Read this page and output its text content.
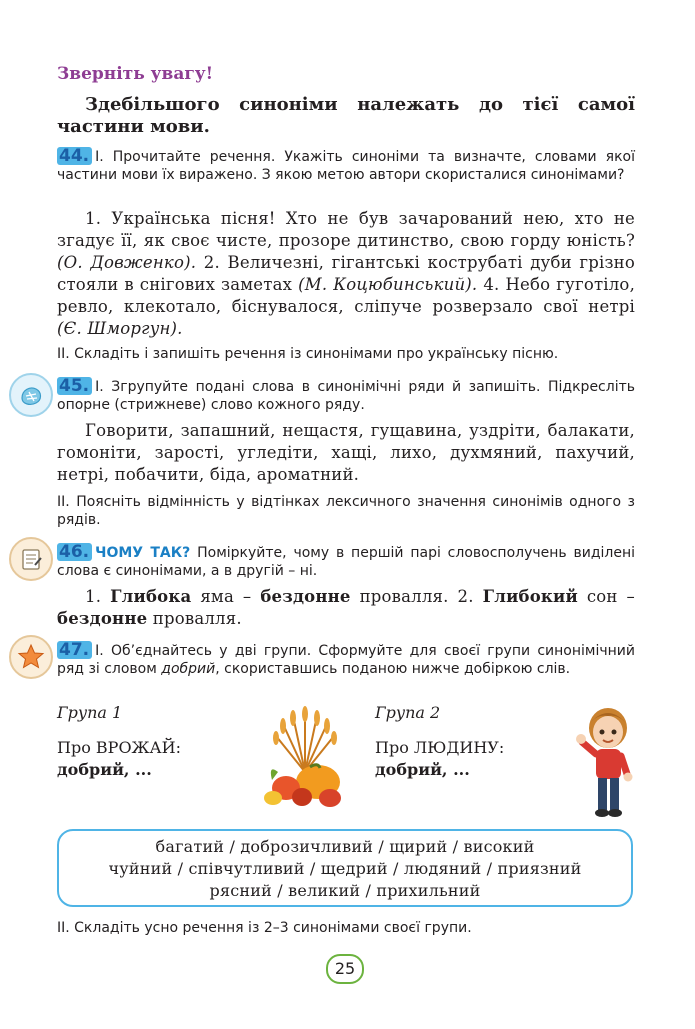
Зверніть увагу!
Здебільшого синоніми належать до тієї самої частини мови.
44. I. Прочитайте речення. Укажіть синоніми та визначте, словами якої частини мови їх виражено. З якою метою автори скористалися синонімами?
1. Українська пісня! Хто не був зачарований нею, хто не згадує її, як своє чисте, прозоре дитинство, свою горду юність? (О. Довженко). 2. Величезні, гігантські кострубаті дуби грізно стояли в снігових заметах (М. Коцюбинський). 4. Небо гуготіло, ревло, клекотало, біснувалося, сліпуче розверзало свої нетрі (Є. Шморгун).
II. Складіть і запишіть речення із синонімами про українську пісню.
45. I. Згрупуйте подані слова в синонімічні ряди й запишіть. Підкресліть опорне (стрижневе) слово кожного ряду.
Говорити, запашний, нещастя, гущавина, уздріти, балакати, гомоніти, зарості, угледіти, хащі, лихо, духмяний, пахучий, нетрі, побачити, біда, ароматний.
II. Поясніть відмінність у відтінках лексичного значення синонімів одного з рядів.
46. ЧОМУ ТАК? Поміркуйте, чому в першій парі словосполучень виділені слова є синонімами, а в другій – ні.
1. Глибока яма – бездонне провалля. 2. Глибокий сон – бездонне провалля.
47. I. Об’єднайтесь у дві групи. Сформуйте для своєї групи синонімічний ряд зі словом добрий, скориставшись поданою нижче добіркою слів.
Група 1
Про ВРОЖАЙ:
добрий, ...
Група 2
Про ЛЮДИНУ:
добрий, ...
багатий / доброзичливий / щирий / високий
чуйний / співчутливий / щедрий / людяний / приязний
рясний / великий / прихильний
II. Складіть усно речення із 2–3 синонімами своєї групи.
25
